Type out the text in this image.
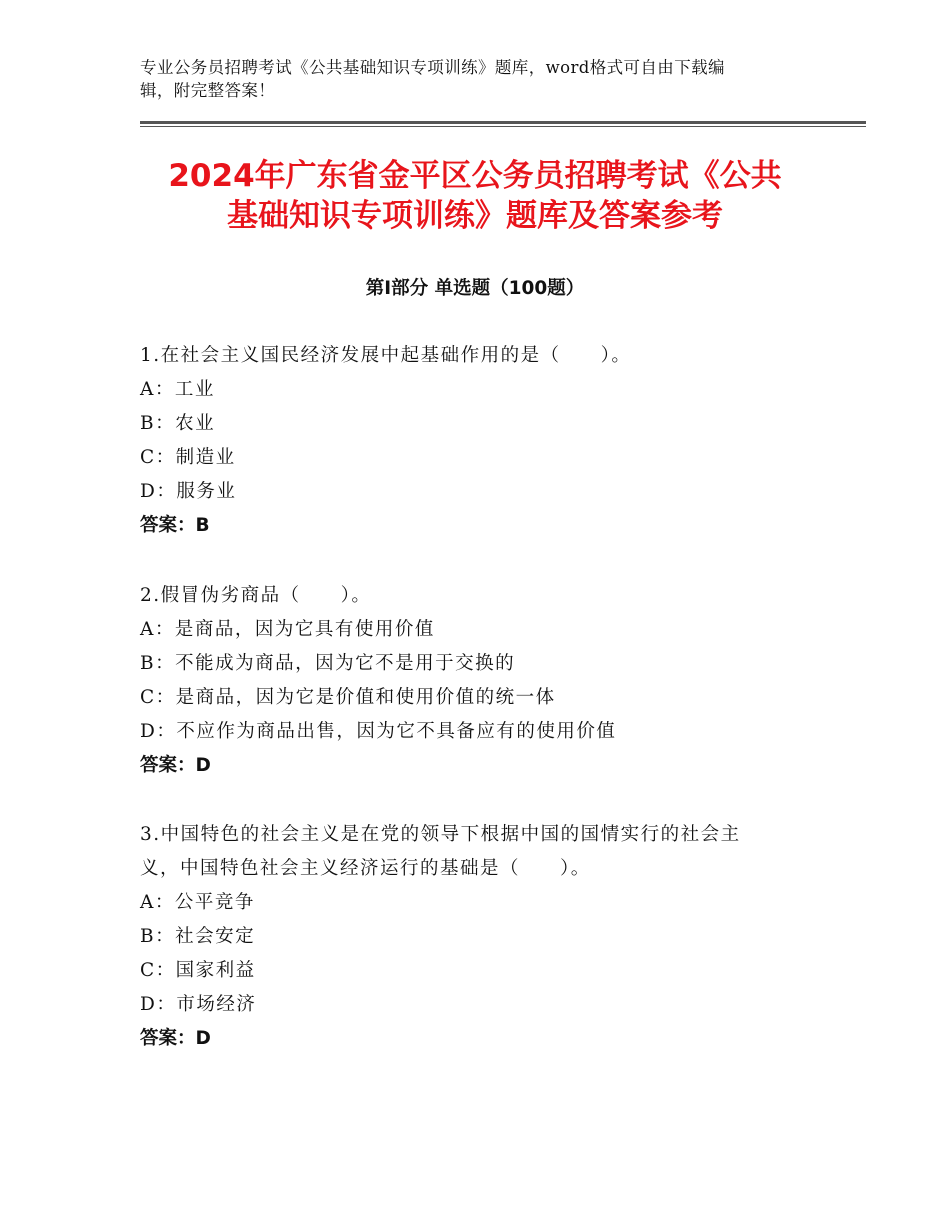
专业公务员招聘考试《公共基础知识专项训练》题库，word格式可自由下载编
辑，附完整答案！
2024年广东省金平区公务员招聘考试《公共
基础知识专项训练》题库及答案参考
第Ⅰ部分 单选题（100题）

1.在社会主义国民经济发展中起基础作用的是（　　）。

A：工业

B：农业

C：制造业

D：服务业

答案：B

2.假冒伪劣商品（　　）。

A：是商品，因为它具有使用价值

B：不能成为商品，因为它不是用于交换的

C：是商品，因为它是价值和使用价值的统一体

D：不应作为商品出售，因为它不具备应有的使用价值

答案：D

3.中国特色的社会主义是在党的领导下根据中国的国情实行的社会主

义，中国特色社会主义经济运行的基础是（　　）。

A：公平竞争

B：社会安定

C：国家利益

D：市场经济

答案：D
